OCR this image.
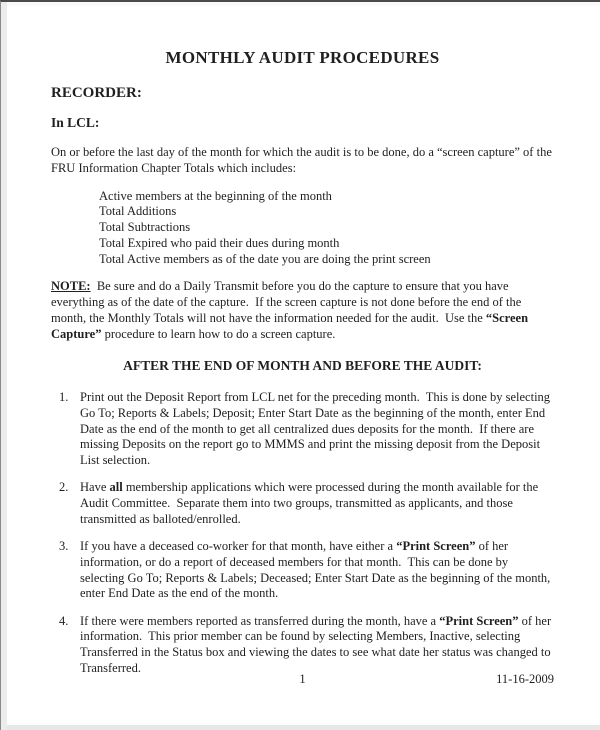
MONTHLY AUDIT PROCEDURES
RECORDER:
In LCL:

On or before the last day of the month for which the audit is to be done, do a “screen capture” of the FRU Information Chapter Totals which includes:

Active members at the beginning of the month
Total Additions
Total Subtractions
Total Expired who paid their dues during month
Total Active members as of the date you are doing the print screen

NOTE:  Be sure and do a Daily Transmit before you do the capture to ensure that you have everything as of the date of the capture.  If the screen capture is not done before the end of the month, the Monthly Totals will not have the information needed for the audit.  Use the “Screen Capture” procedure to learn how to do a screen capture.

AFTER THE END OF MONTH AND BEFORE THE AUDIT:
1. Print out the Deposit Report from LCL net for the preceding month.  This is done by selecting Go To; Reports & Labels; Deposit; Enter Start Date as the beginning of the month, enter End Date as the end of the month to get all centralized dues deposits for the month.  If there are missing Deposits on the report go to MMMS and print the missing deposit from the Deposit List selection.
2. Have all membership applications which were processed during the month available for the Audit Committee.  Separate them into two groups, transmitted as applicants, and those transmitted as balloted/enrolled.
3. If you have a deceased co-worker for that month, have either a “Print Screen” of her information, or do a report of deceased members for that month.  This can be done by selecting Go To; Reports & Labels; Deceased; Enter Start Date as the beginning of the month, enter End Date as the end of the month.
4. If there were members reported as transferred during the month, have a “Print Screen” of her information.  This prior member can be found by selecting Members, Inactive, selecting Transferred in the Status box and viewing the dates to see what date her status was changed to Transferred.
1	11-16-2009
